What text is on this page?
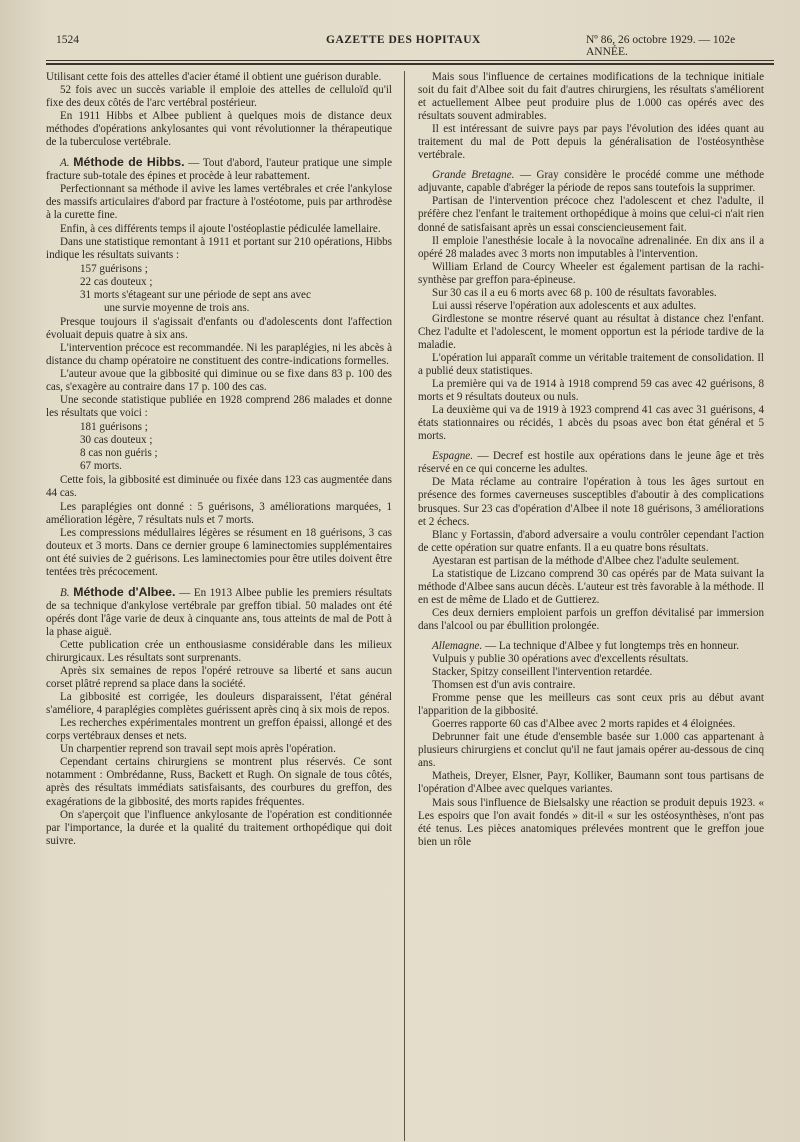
1524	GAZETTE DES HOPITAUX	Nº 86, 26 octobre 1929. — 102e ANNÉE.

Utilisant cette fois des attelles d'acier étamé il obtient une guérison durable.

52 fois avec un succès variable il emploie des attelles de celluloïd qu'il fixe des deux côtés de l'arc vertébral postérieur.

En 1911 Hibbs et Albee publient à quelques mois de distance deux méthodes d'opérations ankylosantes qui vont révolutionner la thérapeutique de la tuberculose vertébrale.

A. Méthode de Hibbs. — Tout d'abord, l'auteur pratique une simple fracture sub-totale des épines et procède à leur rabattement.

Perfectionnant sa méthode il avive les lames vertébrales et crée l'ankylose des massifs articulaires d'abord par fracture à l'ostéotome, puis par arthrodèse à la curette fine.

Enfin, à ces différents temps il ajoute l'ostéoplastie pédiculée lamellaire.

Dans une statistique remontant à 1911 et portant sur 210 opérations, Hibbs indique les résultats suivants :

157 guérisons ;
22 cas douteux ;
31 morts s'étageant sur une période de sept ans avec
une survie moyenne de trois ans.

Presque toujours il s'agissait d'enfants ou d'adolescents dont l'affection évoluait depuis quatre à six ans.

L'intervention précoce est recommandée. Ni les paraplégies, ni les abcès à distance du champ opératoire ne constituent des contre-indications formelles.

L'auteur avoue que la gibbosité qui diminue ou se fixe dans 83 p. 100 des cas, s'exagère au contraire dans 17 p. 100 des cas.

Une seconde statistique publiée en 1928 comprend 286 malades et donne les résultats que voici :

181 guérisons ;
30 cas douteux ;
8 cas non guéris ;
67 morts.

Cette fois, la gibbosité est diminuée ou fixée dans 123 cas augmentée dans 44 cas.

Les paraplégies ont donné : 5 guérisons, 3 améliorations marquées, 1 amélioration légère, 7 résultats nuls et 7 morts.

Les compressions médullaires légères se résument en 18 guérisons, 3 cas douteux et 3 morts. Dans ce dernier groupe 6 laminectomies supplémentaires ont été suivies de 2 guérisons. Les laminectomies pour être utiles doivent être tentées très précocement.

B. Méthode d'Albee. — En 1913 Albee publie les premiers résultats de sa technique d'ankylose vertébrale par greffon tibial. 50 malades ont été opérés dont l'âge varie de deux à cinquante ans, tous atteints de mal de Pott à la phase aiguë.

Cette publication crée un enthousiasme considérable dans les milieux chirurgicaux. Les résultats sont surprenants.

Après six semaines de repos l'opéré retrouve sa liberté et sans aucun corset plâtré reprend sa place dans la société.

La gibbosité est corrigée, les douleurs disparaissent, l'état général s'améliore, 4 paraplégies complètes guérissent après cinq à six mois de repos.

Les recherches expérimentales montrent un greffon épaissi, allongé et des corps vertébraux denses et nets.

Un charpentier reprend son travail sept mois après l'opération.

Cependant certains chirurgiens se montrent plus réservés. Ce sont notamment : Ombrédanne, Russ, Backett et Rugh. On signale de tous côtés, après des résultats immédiats satisfaisants, des courbures du greffon, des exagérations de la gibbosité, des morts rapides fréquentes.

On s'aperçoit que l'influence ankylosante de l'opération est conditionnée par l'importance, la durée et la qualité du traitement orthopédique qui doit suivre.

Mais sous l'influence de certaines modifications de la technique initiale soit du fait d'Albee soit du fait d'autres chirurgiens, les résultats s'améliorent et actuellement Albee peut produire plus de 1.000 cas opérés avec des résultats souvent admirables.

Il est intéressant de suivre pays par pays l'évolution des idées quant au traitement du mal de Pott depuis la généralisation de l'ostéosynthèse vertébrale.

Grande Bretagne. — Gray considère le procédé comme une méthode adjuvante, capable d'abréger la période de repos sans toutefois la supprimer.

Partisan de l'intervention précoce chez l'adolescent et chez l'adulte, il préfère chez l'enfant le traitement orthopédique à moins que celui-ci n'ait rien donné de satisfaisant après un essai consciencieusement fait.

Il emploie l'anesthésie locale à la novocaïne adrenalinée. En dix ans il a opéré 28 malades avec 3 morts non imputables à l'intervention.

William Erland de Courcy Wheeler est également partisan de la rachi-synthèse par greffon para-épineuse.

Sur 30 cas il a eu 6 morts avec 68 p. 100 de résultats favorables.

Lui aussi réserve l'opération aux adolescents et aux adultes.

Girdlestone se montre réservé quant au résultat à distance chez l'enfant. Chez l'adulte et l'adolescent, le moment opportun est la période tardive de la maladie.

L'opération lui apparaît comme un véritable traitement de consolidation. Il a publié deux statistiques.

La première qui va de 1914 à 1918 comprend 59 cas avec 42 guérisons, 8 morts et 9 résultats douteux ou nuls.

La deuxième qui va de 1919 à 1923 comprend 41 cas avec 31 guérisons, 4 états stationnaires ou récidés, 1 abcès du psoas avec bon état général et 5 morts.

Espagne. — Decref est hostile aux opérations dans le jeune âge et très réservé en ce qui concerne les adultes.

De Mata réclame au contraire l'opération à tous les âges surtout en présence des formes caverneuses susceptibles d'aboutir à des complications brusques. Sur 23 cas d'opération d'Albee il note 18 guérisons, 3 améliorations et 2 échecs.

Blanc y Fortassin, d'abord adversaire a voulu contrôler cependant l'action de cette opération sur quatre enfants. Il a eu quatre bons résultats.

Ayestaran est partisan de la méthode d'Albee chez l'adulte seulement.

La statistique de Lizcano comprend 30 cas opérés par de Mata suivant la méthode d'Albee sans aucun décès. L'auteur est très favorable à la méthode. Il en est de même de Llado et de Guttierez.

Ces deux derniers emploient parfois un greffon dévitalisé par immersion dans l'alcool ou par ébullition prolongée.

Allemagne. — La technique d'Albee y fut longtemps très en honneur.

Vulpuis y publie 30 opérations avec d'excellents résultats.

Stacker, Spitzy conseillent l'intervention retardée.

Thomsen est d'un avis contraire.

Fromme pense que les meilleurs cas sont ceux pris au début avant l'apparition de la gibbosité.

Goerres rapporte 60 cas d'Albee avec 2 morts rapides et 4 éloignées.

Debrunner fait une étude d'ensemble basée sur 1.000 cas appartenant à plusieurs chirurgiens et conclut qu'il ne faut jamais opérer au-dessous de cinq ans.

Matheis, Dreyer, Elsner, Payr, Kolliker, Baumann sont tous partisans de l'opération d'Albee avec quelques variantes.

Mais sous l'influence de Bielsalsky une réaction se produit depuis 1923. « Les espoirs que l'on avait fondés » dit-il « sur les ostéosynthèses, n'ont pas été tenus. Les pièces anatomiques prélevées montrent que le greffon joue bien un rôle
